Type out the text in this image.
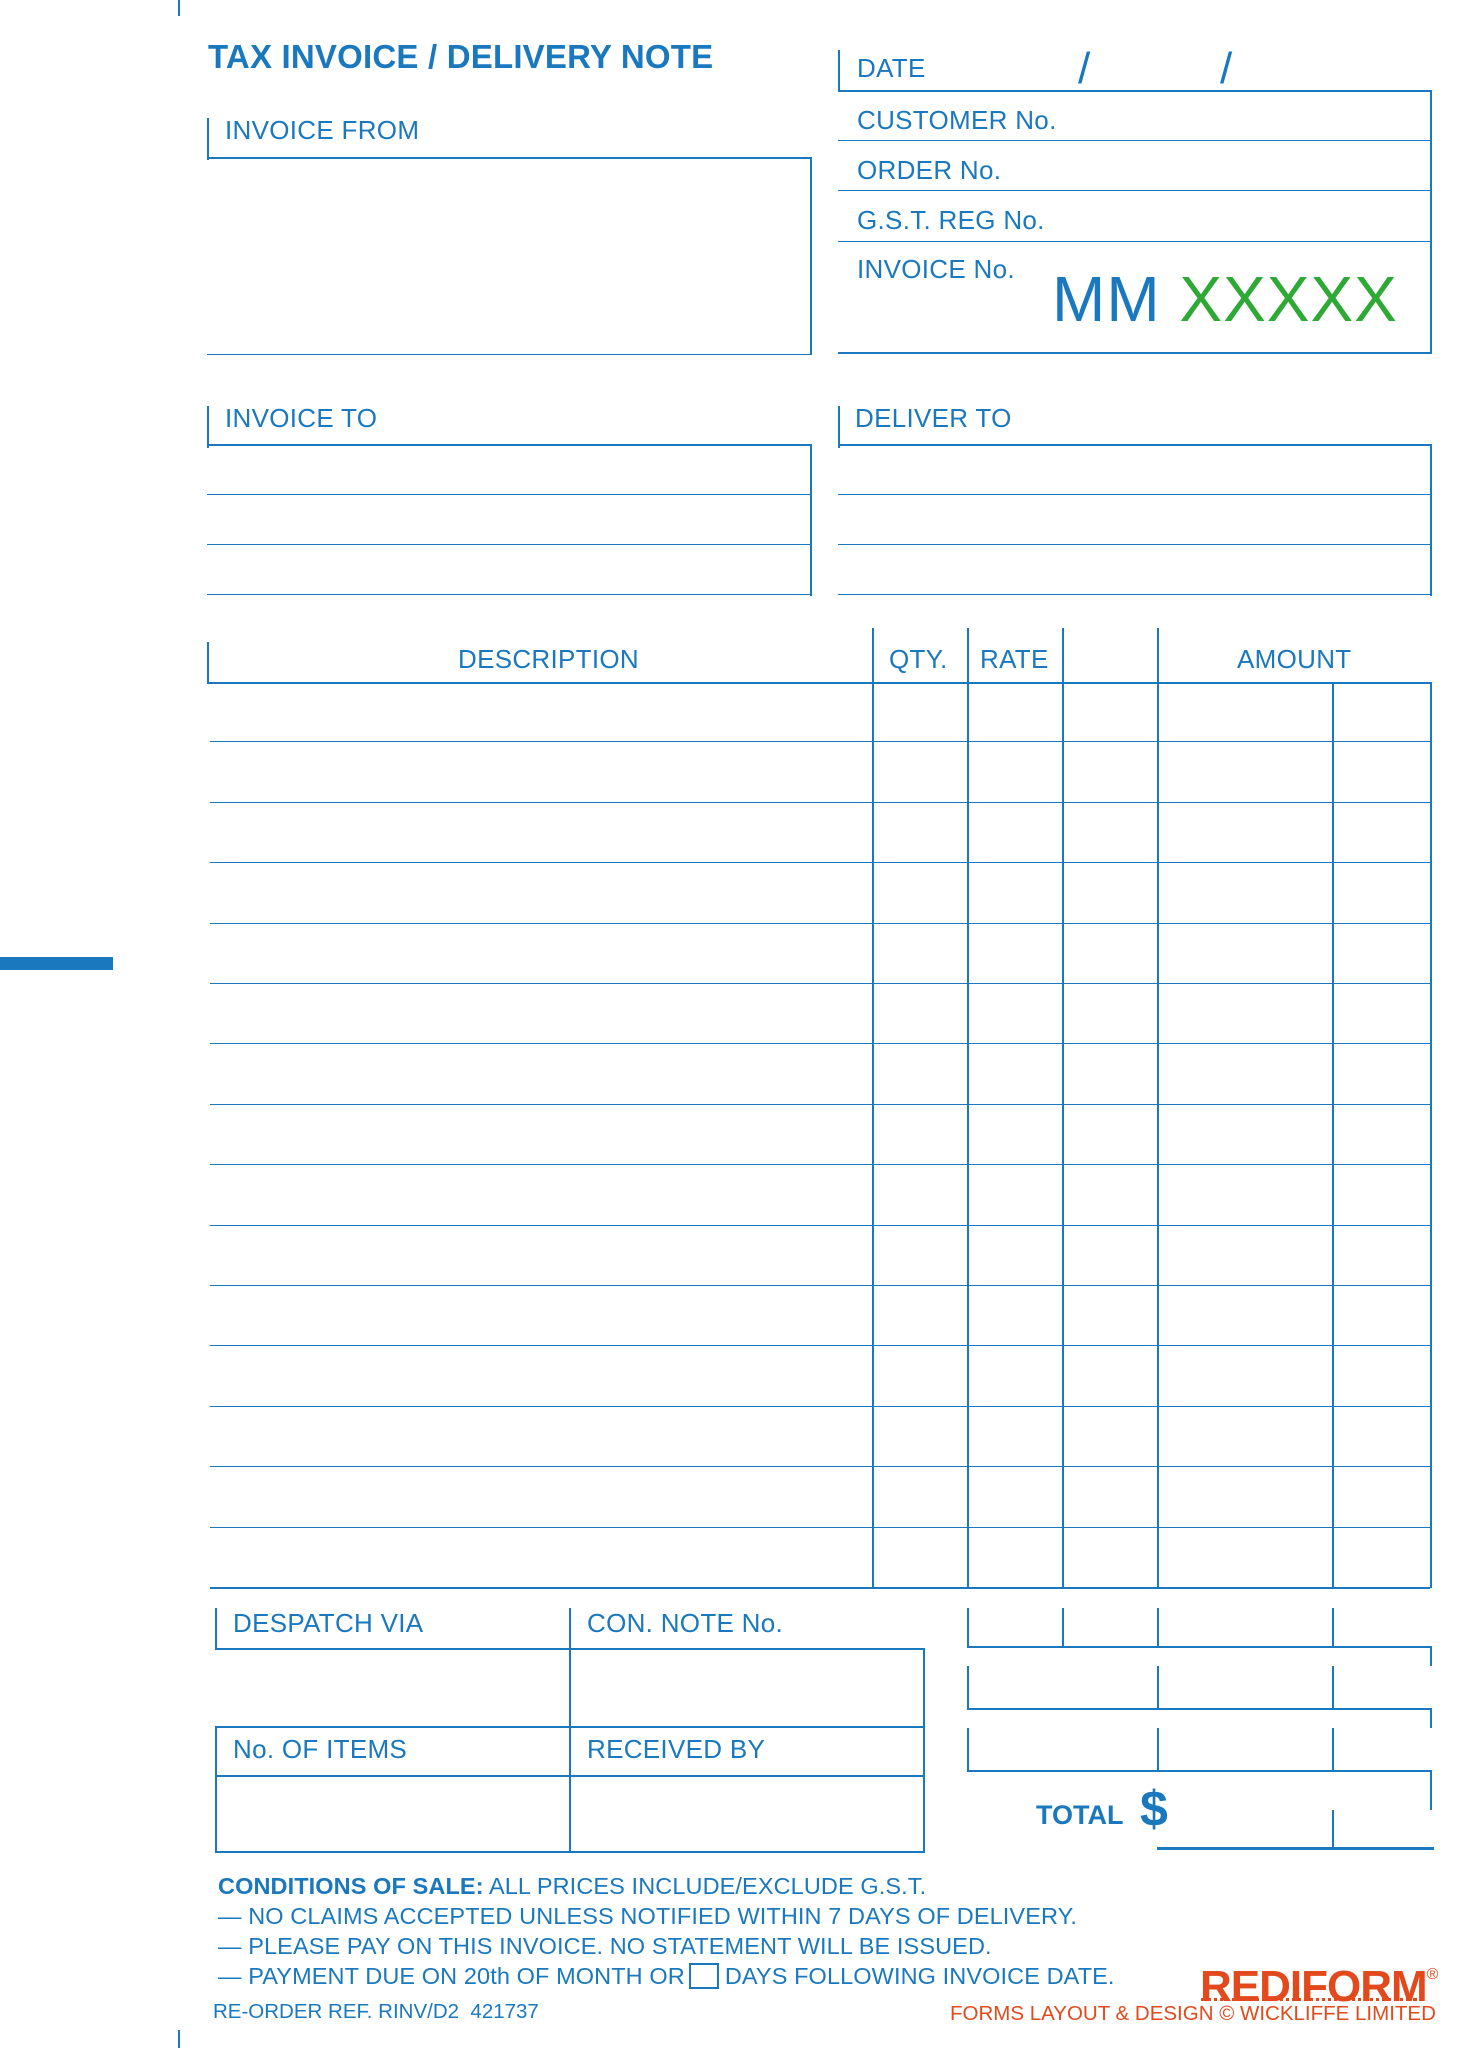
TAX INVOICE / DELIVERY NOTE
INVOICE FROM
DATE	/	/
CUSTOMER No.
ORDER No.
G.S.T. REG No.
INVOICE No. MM XXXXX
INVOICE TO	DELIVER TO
DESCRIPTION	QTY. RATE	AMOUNT
DESPATCH VIA	CON. NOTE No.
No. OF ITEMS	RECEIVED BY
TOTAL $
CONDITIONS OF SALE: ALL PRICES INCLUDE/EXCLUDE G.S.T.
— NO CLAIMS ACCEPTED UNLESS NOTIFIED WITHIN 7 DAYS OF DELIVERY.
— PLEASE PAY ON THIS INVOICE. NO STATEMENT WILL BE ISSUED.
— PAYMENT DUE ON 20th OF MONTH OR DAYS FOLLOWING INVOICE DATE.
RE-ORDER REF. RINV/D2  421737
REDIFORM®
FORMS LAYOUT & DESIGN © WICKLIFFE LIMITED
